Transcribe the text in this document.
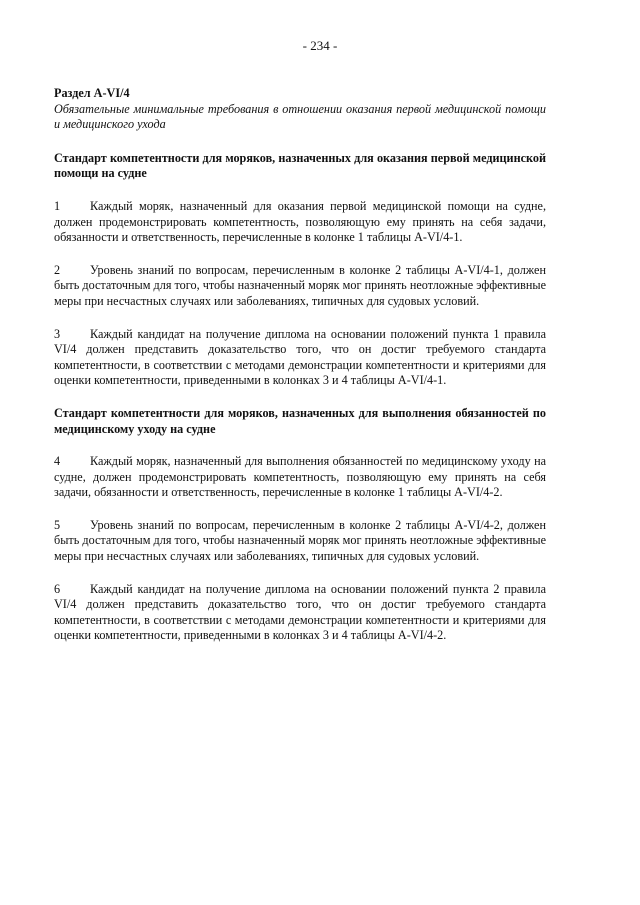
- 234 -

Раздел A-VI/4

Обязательные минимальные требования в отношении оказания первой медицинской помощи и медицинского ухода

Стандарт компетентности для моряков, назначенных для оказания первой медицинской помощи на судне

1 Каждый моряк, назначенный для оказания первой медицинской помощи на судне, должен продемонстрировать компетентность, позволяющую ему принять на себя задачи, обязанности и ответственность, перечисленные в колонке 1 таблицы A-VI/4-1.

2 Уровень знаний по вопросам, перечисленным в колонке 2 таблицы A-VI/4-1, должен быть достаточным для того, чтобы назначенный моряк мог принять неотложные эффективные меры при несчастных случаях или заболеваниях, типичных для судовых условий.

3 Каждый кандидат на получение диплома на основании положений пункта 1 правила VI/4 должен представить доказательство того, что он достиг требуемого стандарта компетентности, в соответствии с методами демонстрации компетентности и критериями для оценки компетентности, приведенными в колонках 3 и 4 таблицы A-VI/4-1.

Стандарт компетентности для моряков, назначенных для выполнения обязанностей по медицинскому уходу на судне

4 Каждый моряк, назначенный для выполнения обязанностей по медицинскому уходу на судне, должен продемонстрировать компетентность, позволяющую ему принять на себя задачи, обязанности и ответственность, перечисленные в колонке 1 таблицы A-VI/4-2.

5 Уровень знаний по вопросам, перечисленным в колонке 2 таблицы A-VI/4-2, должен быть достаточным для того, чтобы назначенный моряк мог принять неотложные эффективные меры при несчастных случаях или заболеваниях, типичных для судовых условий.

6 Каждый кандидат на получение диплома на основании положений пункта 2 правила VI/4 должен представить доказательство того, что он достиг требуемого стандарта компетентности, в соответствии с методами демонстрации компетентности и критериями для оценки компетентности, приведенными в колонках 3 и 4 таблицы A-VI/4-2.
